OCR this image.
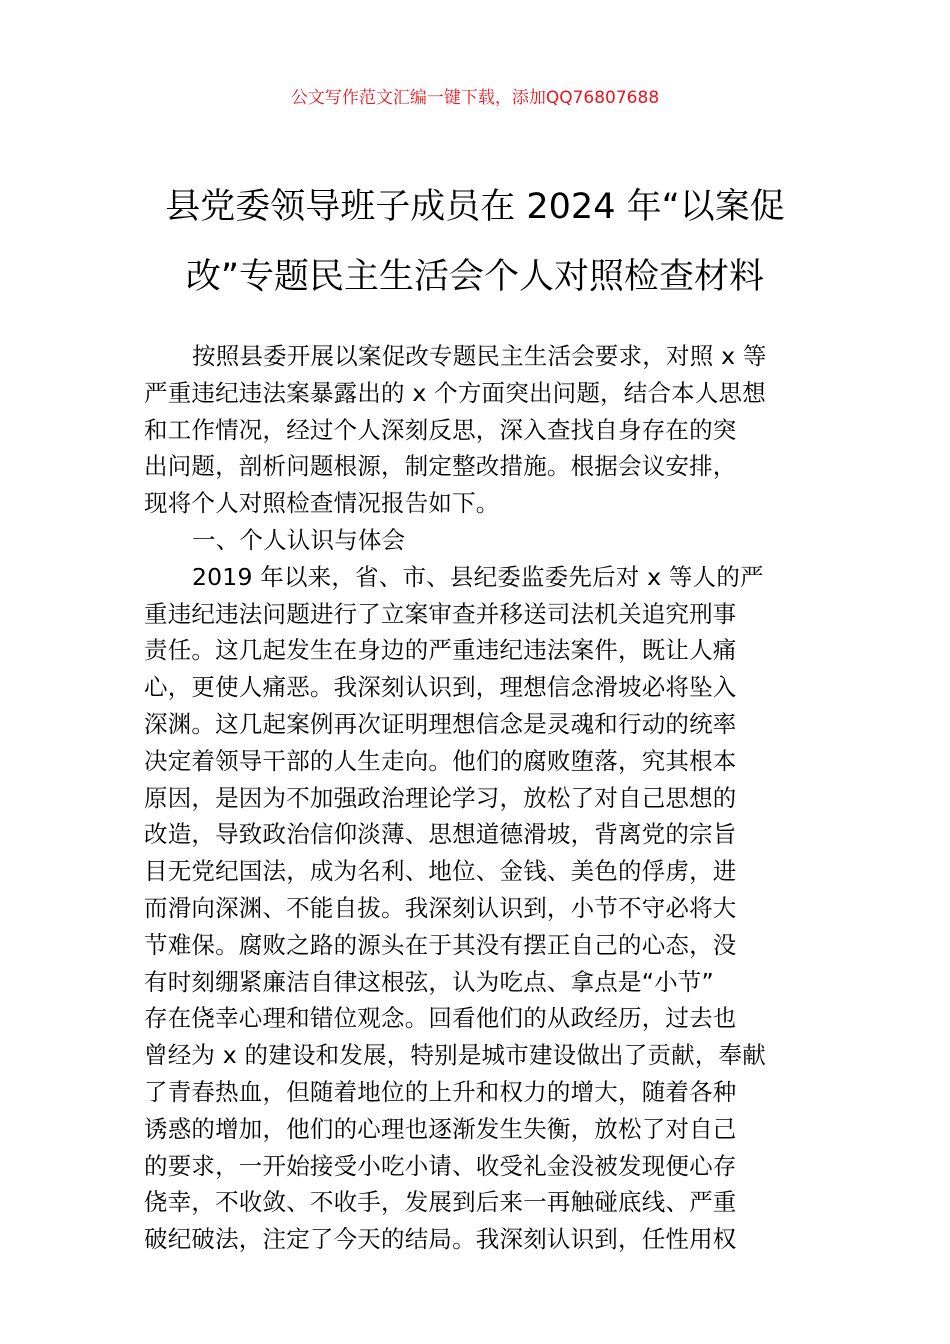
公文写作范文汇编一键下载，添加QQ76807688
县党委领导班子成员在 2024 年“以案促
改”专题民主生活会个人对照检查材料
按照县委开展以案促改专题民主生活会要求，对照 x 等
严重违纪违法案暴露出的 x 个方面突出问题，结合本人思想
和工作情况，经过个人深刻反思，深入查找自身存在的突
出问题，剖析问题根源，制定整改措施。根据会议安排，
现将个人对照检查情况报告如下。
一、个人认识与体会
2019 年以来，省、市、县纪委监委先后对 x 等人的严
重违纪违法问题进行了立案审查并移送司法机关追究刑事
责任。这几起发生在身边的严重违纪违法案件，既让人痛
心，更使人痛恶。我深刻认识到，理想信念滑坡必将坠入
深渊。这几起案例再次证明理想信念是灵魂和行动的统率
决定着领导干部的人生走向。他们的腐败堕落，究其根本
原因，是因为不加强政治理论学习，放松了对自己思想的
改造，导致政治信仰淡薄、思想道德滑坡，背离党的宗旨
目无党纪国法，成为名利、地位、金钱、美色的俘虏，进
而滑向深渊、不能自拔。我深刻认识到，小节不守必将大
节难保。腐败之路的源头在于其没有摆正自己的心态，没
有时刻绷紧廉洁自律这根弦，认为吃点、拿点是“小节”
存在侥幸心理和错位观念。回看他们的从政经历，过去也
曾经为 x 的建设和发展，特别是城市建设做出了贡献，奉献
了青春热血，但随着地位的上升和权力的增大，随着各种
诱惑的增加，他们的心理也逐渐发生失衡，放松了对自己
的要求，一开始接受小吃小请、收受礼金没被发现便心存
侥幸，不收敛、不收手，发展到后来一再触碰底线、严重
破纪破法，注定了今天的结局。我深刻认识到，任性用权
